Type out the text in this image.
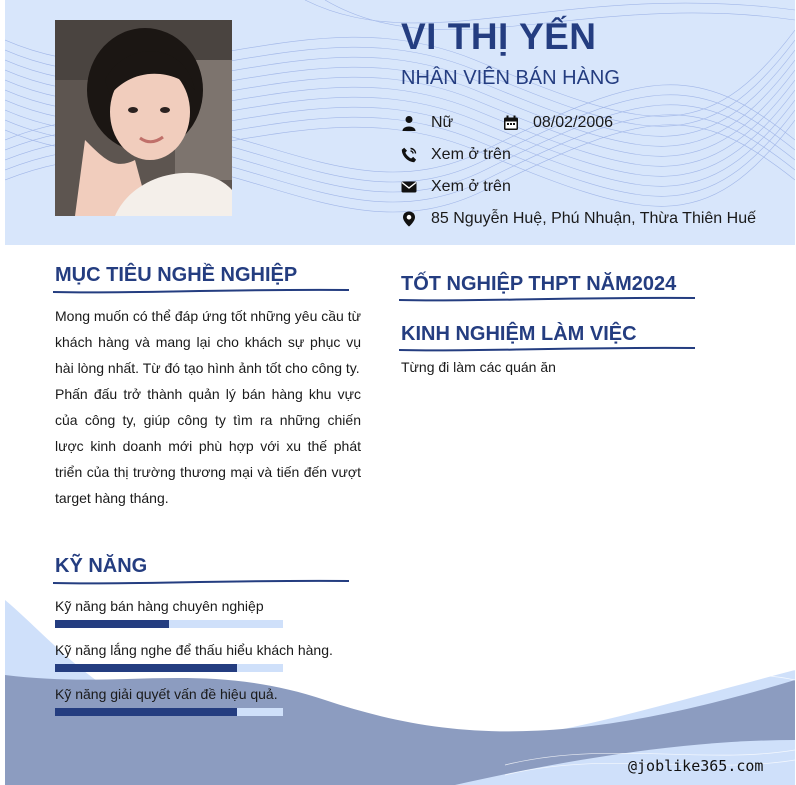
VI THỊ YẾN
NHÂN VIÊN BÁN HÀNG
Nữ	08/02/2006
Xem ở trên
Xem ở trên
85 Nguyễn Huệ, Phú Nhuận, Thừa Thiên Huế
MỤC TIÊU NGHỀ NGHIỆP

Mong muốn có thể đáp ứng tốt những yêu cầu từ khách hàng và mang lại cho khách sự phục vụ hài lòng nhất. Từ đó tạo hình ảnh tốt cho công ty.

Phấn đấu trở thành quản lý bán hàng khu vực của công ty, giúp công ty tìm ra những chiến lược kinh doanh mới phù hợp với xu thế phát triển của thị trường thương mại và tiến đến vượt target hàng tháng.

KỸ NĂNG
Kỹ năng bán hàng chuyên nghiệp
Kỹ năng lắng nghe để thấu hiểu khách hàng.
Kỹ năng giải quyết vấn đề hiệu quả.
TỐT NGHIỆP THPT NĂM2024
KINH NGHIỆM LÀM VIỆC
Từng đi làm các quán ăn
@joblike365.com
